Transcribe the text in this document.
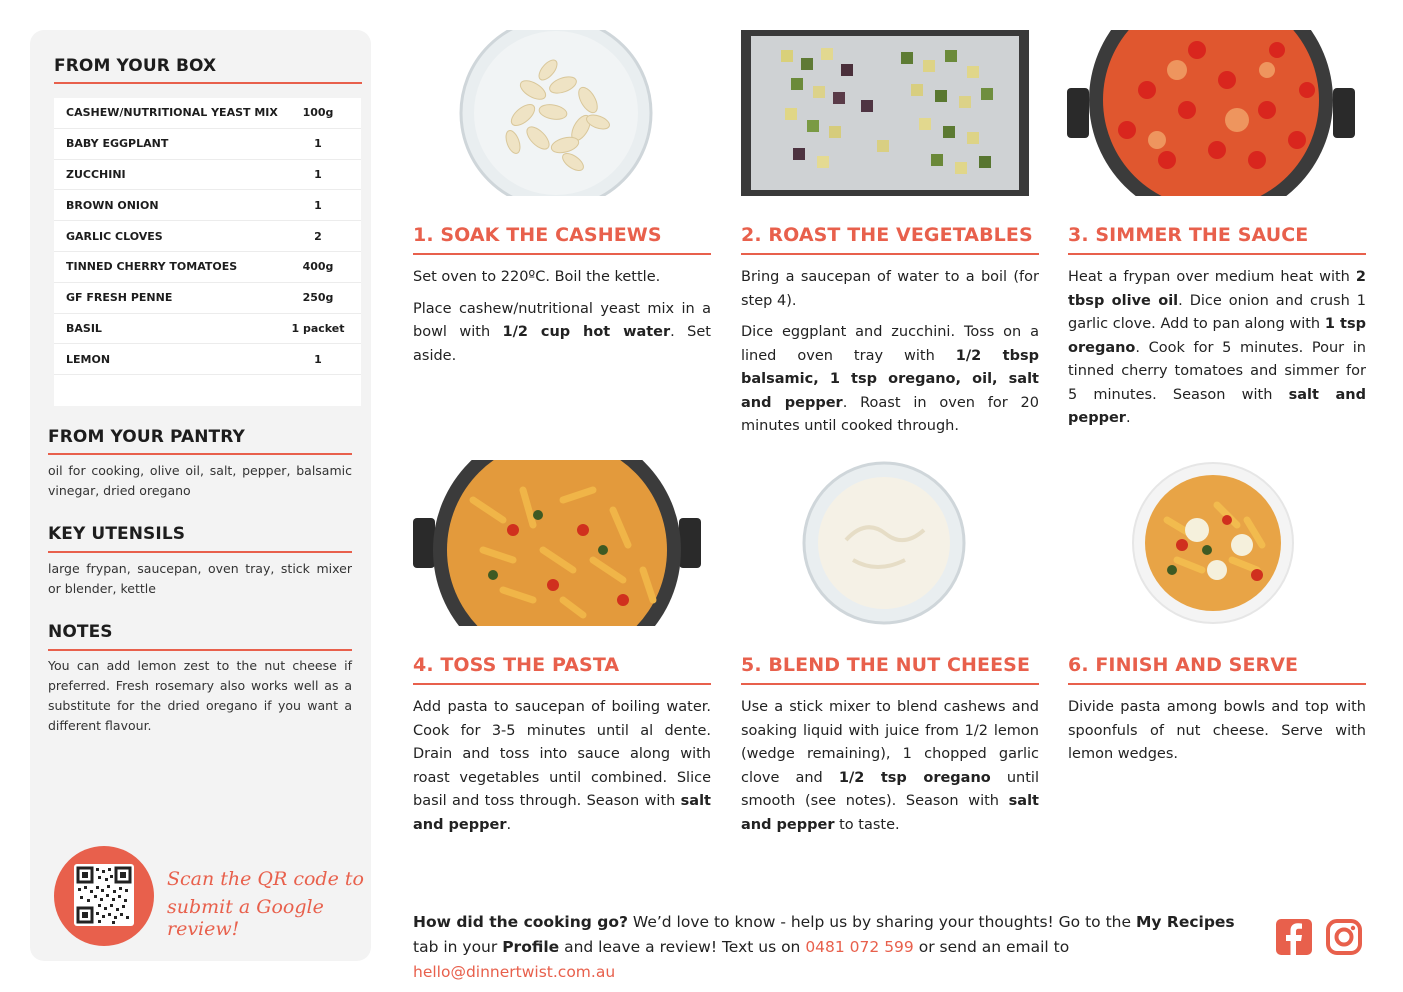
FROM YOUR BOX
CASHEW/NUTRITIONAL YEAST MIX	100g
BABY EGGPLANT	1
ZUCCHINI	1
BROWN ONION	1
GARLIC CLOVES	2
TINNED CHERRY TOMATOES	400g
GF FRESH PENNE	250g
BASIL	1 packet
LEMON	1
FROM YOUR PANTRY
oil for cooking, olive oil, salt, pepper, balsamic vinegar, dried oregano
KEY UTENSILS
large frypan, saucepan, oven tray, stick mixer or blender, kettle
NOTES
You can add lemon zest to the nut cheese if preferred. Fresh rosemary also works well as a substitute for the dried oregano if you want a different flavour.
Scan the QR code to
submit a Google review!
1. SOAK THE CASHEWS	2. ROAST THE VEGETABLES 3. SIMMER THE SAUCE
4. TOSS THE PASTA	5. BLEND THE NUT CHEESE 6. FINISH AND SERVE

Set oven to 220ºC. Boil the kettle.

Place cashew/nutritional yeast mix in a bowl with 1/2 cup hot water. Set aside.

Bring a saucepan of water to a boil (for step 4).

Dice eggplant and zucchini. Toss on a lined oven tray with 1/2 tbsp balsamic, 1 tsp oregano, oil, salt and pepper. Roast in oven for 20 minutes until cooked through.

Heat a frypan over medium heat with 2 tbsp olive oil. Dice onion and crush 1 garlic clove. Add to pan along with 1 tsp oregano. Cook for 5 minutes. Pour in tinned cherry tomatoes and simmer for 5 minutes. Season with salt and pepper.

Add pasta to saucepan of boiling water. Cook for 3-5 minutes until al dente. Drain and toss into sauce along with roast vegetables until combined. Slice basil and toss through. Season with salt and pepper.

Use a stick mixer to blend cashews and soaking liquid with juice from 1/2 lemon (wedge remaining), 1 chopped garlic clove and 1/2 tsp oregano until smooth (see notes). Season with salt and pepper to taste.

Divide pasta among bowls and top with spoonfuls of nut cheese. Serve with lemon wedges.

How did the cooking go? We’d love to know - help us by sharing your thoughts! Go to the My Recipes tab in your Profile and leave a review! Text us on 0481 072 599 or send an email to hello@dinnertwist.com.au
